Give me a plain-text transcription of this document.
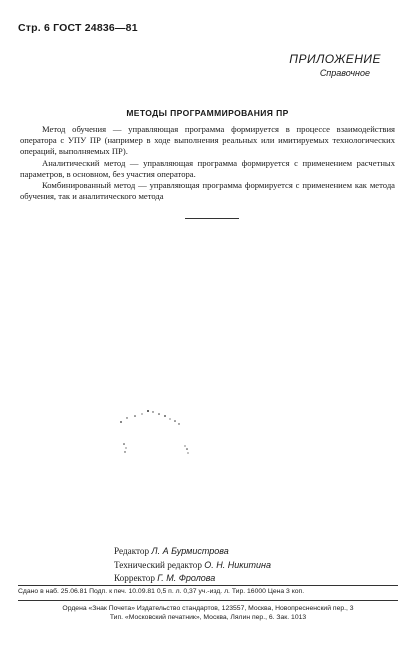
Стр. 6 ГОСТ 24836—81
ПРИЛОЖЕНИЕ
Справочное
МЕТОДЫ ПРОГРАММИРОВАНИЯ ПР

Метод обучения — управляющая программа формируется в процессе взаимодействия оператора с УПУ ПР (например в ходе выполнения реальных или имитируемых технологических операций, выполняемых ПР).

Аналитический метод — управляющая программа формируется с применением расчетных параметров, в основном, без участия оператора.

Комбинированный метод — управляющая программа формируется с применением как метода обучения, так и аналитического метода

Редактор Л. А Бурмистрова
Технический редактор О. Н. Никитина
Корректор Г. М. Фролова
Сдано в наб. 25.06.81 Подп. к печ. 10.09.81 0,5 п. л. 0,37 уч.-изд. л. Тир. 16000 Цена 3 коп.
Ордена «Знак Почета» Издательство стандартов, 123557, Москва, Новопресненский пер., 3
Тип. «Московский печатник», Москва, Лялин пер., 6. Зак. 1013
